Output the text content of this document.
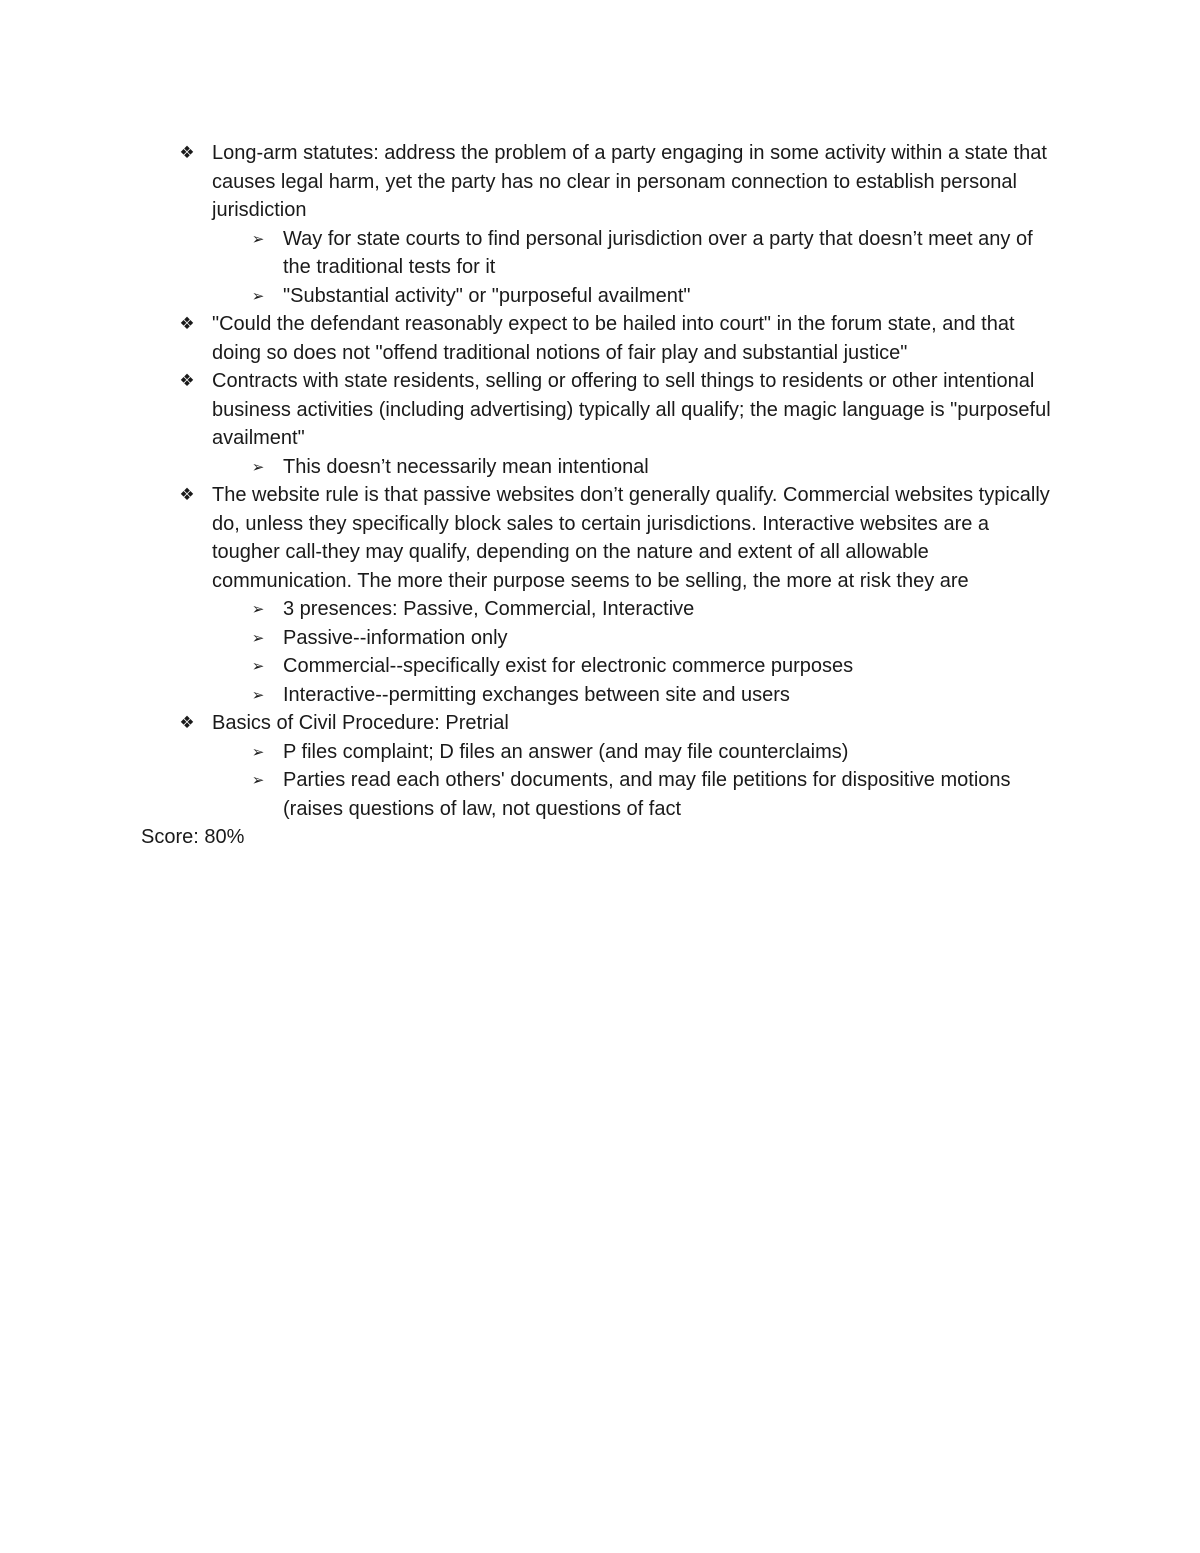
❖ Long-arm statutes: address the problem of a party engaging in some activity within a state that causes legal harm, yet the party has no clear in personam connection to establish personal jurisdiction
➢ Way for state courts to find personal jurisdiction over a party that doesn’t meet any of the traditional tests for it
➢ "Substantial activity" or "purposeful availment"
❖ "Could the defendant reasonably expect to be hailed into court" in the forum state, and that doing so does not "offend traditional notions of fair play and substantial justice"
❖ Contracts with state residents, selling or offering to sell things to residents or other intentional business activities (including advertising) typically all qualify; the magic language is "purposeful availment"
➢ This doesn’t necessarily mean intentional
❖ The website rule is that passive websites don’t generally qualify. Commercial websites typically do, unless they specifically block sales to certain jurisdictions. Interactive websites are a tougher call-they may qualify, depending on the nature and extent of all allowable communication. The more their purpose seems to be selling, the more at risk they are
➢ 3 presences: Passive, Commercial, Interactive
➢ Passive--information only
➢ Commercial--specifically exist for electronic commerce purposes
➢ Interactive--permitting exchanges between site and users
❖ Basics of Civil Procedure: Pretrial
➢ P files complaint; D files an answer (and may file counterclaims)
➢ Parties read each others' documents, and may file petitions for dispositive motions (raises questions of law, not questions of fact

Score: 80%
